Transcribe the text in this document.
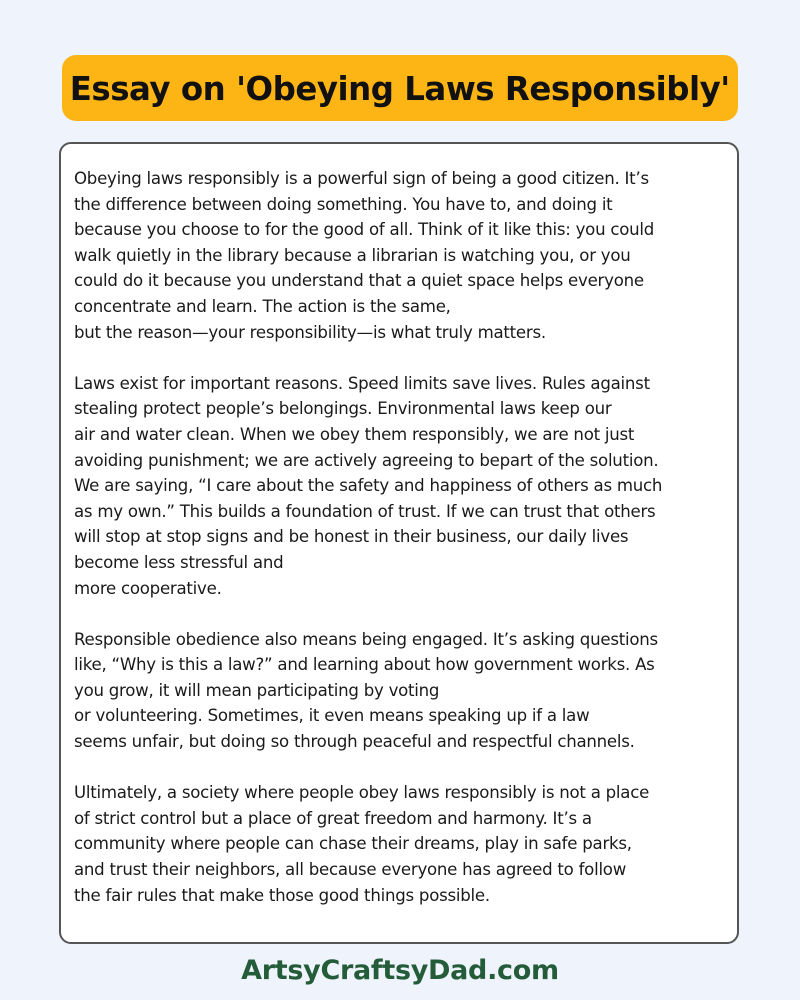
Essay on 'Obeying Laws Responsibly'

Obeying laws responsibly is a powerful sign of being a good citizen. It’s
the difference between doing something. You have to, and doing it
because you choose to for the good of all. Think of it like this: you could
walk quietly in the library because a librarian is watching you, or you
could do it because you understand that a quiet space helps everyone
concentrate and learn. The action is the same,
but the reason—your responsibility—is what truly matters.

Laws exist for important reasons. Speed limits save lives. Rules against
stealing protect people’s belongings. Environmental laws keep our
air and water clean. When we obey them responsibly, we are not just
avoiding punishment; we are actively agreeing to bepart of the solution.
We are saying, “I care about the safety and happiness of others as much
as my own.” This builds a foundation of trust. If we can trust that others
will stop at stop signs and be honest in their business, our daily lives
become less stressful and
more cooperative.

Responsible obedience also means being engaged. It’s asking questions
like, “Why is this a law?” and learning about how government works. As
you grow, it will mean participating by voting
or volunteering. Sometimes, it even means speaking up if a law
seems unfair, but doing so through peaceful and respectful channels.

Ultimately, a society where people obey laws responsibly is not a place
of strict control but a place of great freedom and harmony. It’s a
community where people can chase their dreams, play in safe parks,
and trust their neighbors, all because everyone has agreed to follow
the fair rules that make those good things possible.

ArtsyCraftsyDad.com
